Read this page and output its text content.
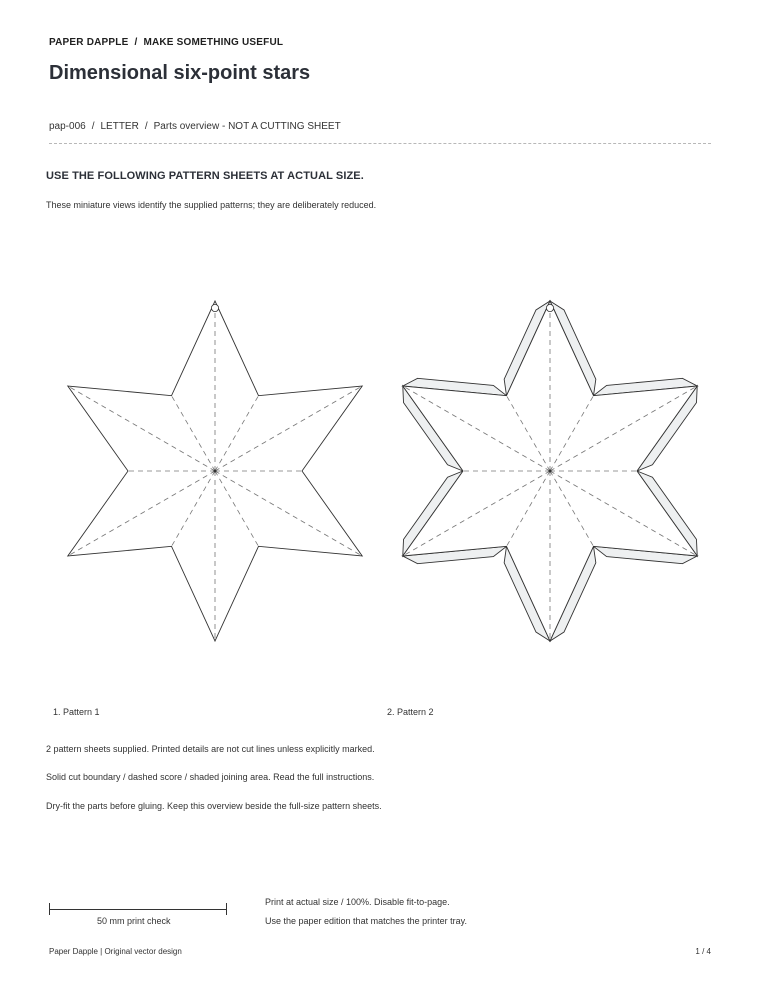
PAPER DAPPLE / MAKE SOMETHING USEFUL
Dimensional six-point stars
pap-006 / LETTER / Parts overview - NOT A CUTTING SHEET
USE THE FOLLOWING PATTERN SHEETS AT ACTUAL SIZE.
These miniature views identify the supplied patterns; they are deliberately reduced.
1. Pattern 1	2. Pattern 2
2 pattern sheets supplied. Printed details are not cut lines unless explicitly marked.
Solid cut boundary / dashed score / shaded joining area. Read the full instructions.
Dry-fit the parts before gluing. Keep this overview beside the full-size pattern sheets.
50 mm print check
Print at actual size / 100%. Disable fit-to-page.
Use the paper edition that matches the printer tray.
Paper Dapple | Original vector design	1 / 4
